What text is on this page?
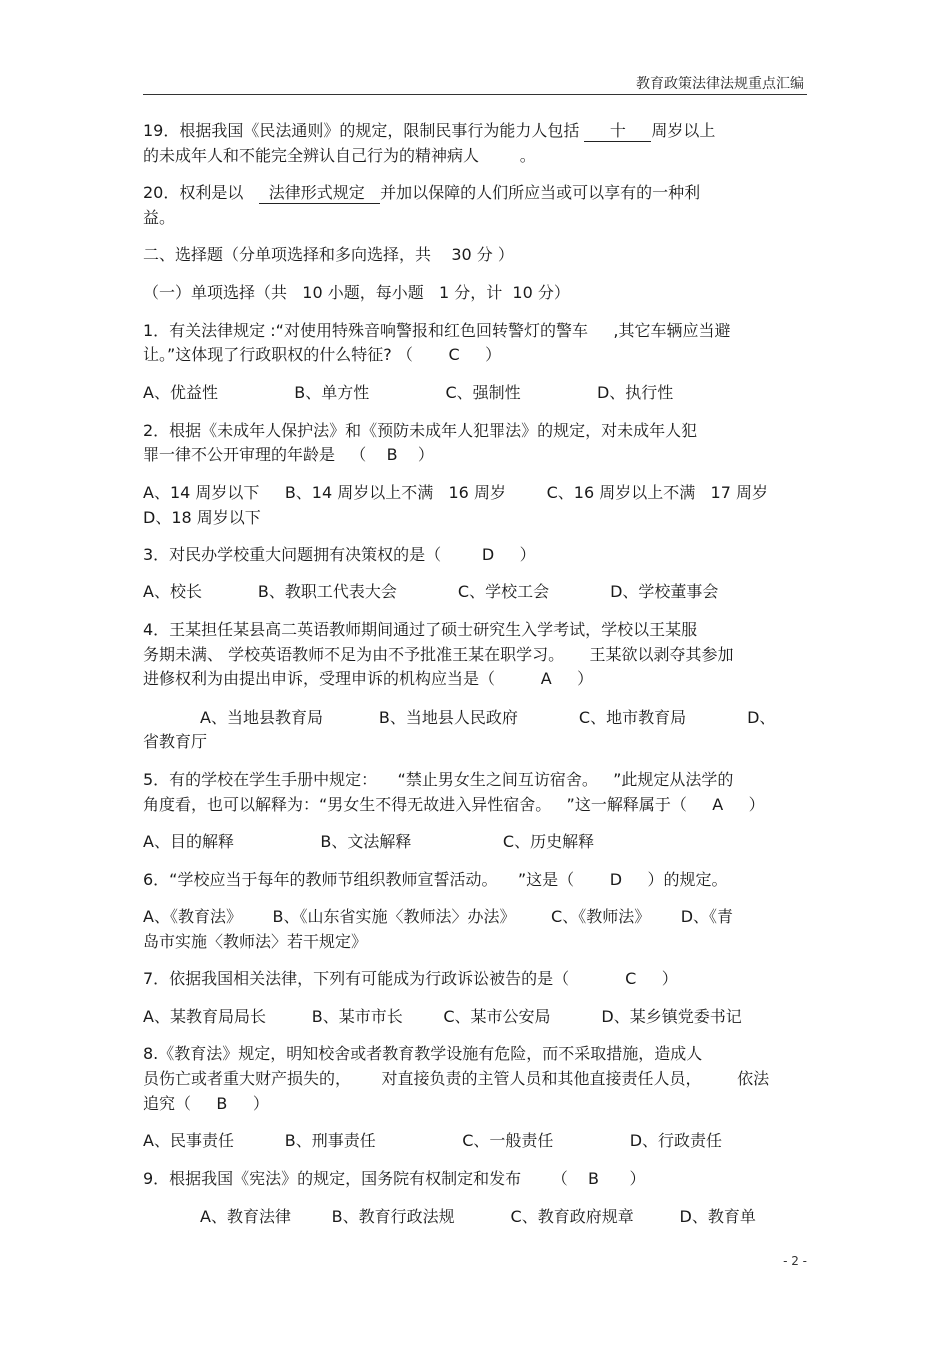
教育政策法律法规重点汇编
19．根据我国《民法通则》的规定，限制民事行为能力人包括      十     周岁以上
的未成年人和不能完全辨认自己行为的精神病人        。
20．权利是以     法律形式规定   并加以保障的人们所应当或可以享有的一种利
益。
二、选择题（分单项选择和多向选择，共    30 分 ）
（一）单项选择（共   10 小题，每小题   1 分，计  10 分）
1．有关法律规定 :“对使用特殊音响警报和红色回转警灯的警车     ,其它车辆应当避
让。”这体现了行政职权的什么特征? （       C     ）
A、优益性               B、单方性               C、强制性               D、执行性
2．根据《未成年人保护法》和《预防未成年人犯罪法》的规定，对未成年人犯
罪一律不公开审理的年龄是   （    B    ）
A、14 周岁以下     B、14 周岁以上不满   16 周岁        C、16 周岁以上不满   17 周岁
D、18 周岁以下
3．对民办学校重大问题拥有决策权的是（        D     ）
A、校长           B、教职工代表大会            C、学校工会            D、学校董事会
4．王某担任某县高二英语教师期间通过了硕士研究生入学考试，学校以王某服
务期未满、 学校英语教师不足为由不予批准王某在职学习。     王某欲以剥夺其参加
进修权利为由提出申诉，受理申诉的机构应当是（         A     ）
A、当地县教育局           B、当地县人民政府            C、地市教育局            D、
省教育厅
5．有的学校在学生手册中规定：    “禁止男女生之间互访宿舍。   ”此规定从法学的
角度看，也可以解释为：“男女生不得无故进入异性宿舍。   ”这一解释属于（     A     ）
A、目的解释                 B、文法解释                  C、历史解释
6．“学校应当于每年的教师节组织教师宣誓活动。    ”这是（       D     ）的规定。
A、《教育法》      B、《山东省实施〈教师法〉办法》       C、《教师法》      D、《青
岛市实施〈教师法〉若干规定》
7．依据我国相关法律，下列有可能成为行政诉讼被告的是（           C     ）
A、某教育局局长         B、某市市长        C、某市公安局          D、某乡镇党委书记
8.《教育法》规定，明知校舍或者教育教学设施有危险，而不采取措施，造成人
员伤亡或者重大财产损失的，      对直接负责的主管人员和其他直接责任人员，       依法
追究（     B     ）
A、民事责任          B、刑事责任                 C、一般责任               D、行政责任
9．根据我国《宪法》的规定，国务院有权制定和发布      （    B      ）
A、教育法律        B、教育行政法规           C、教育政府规章         D、教育单
- 2 -
